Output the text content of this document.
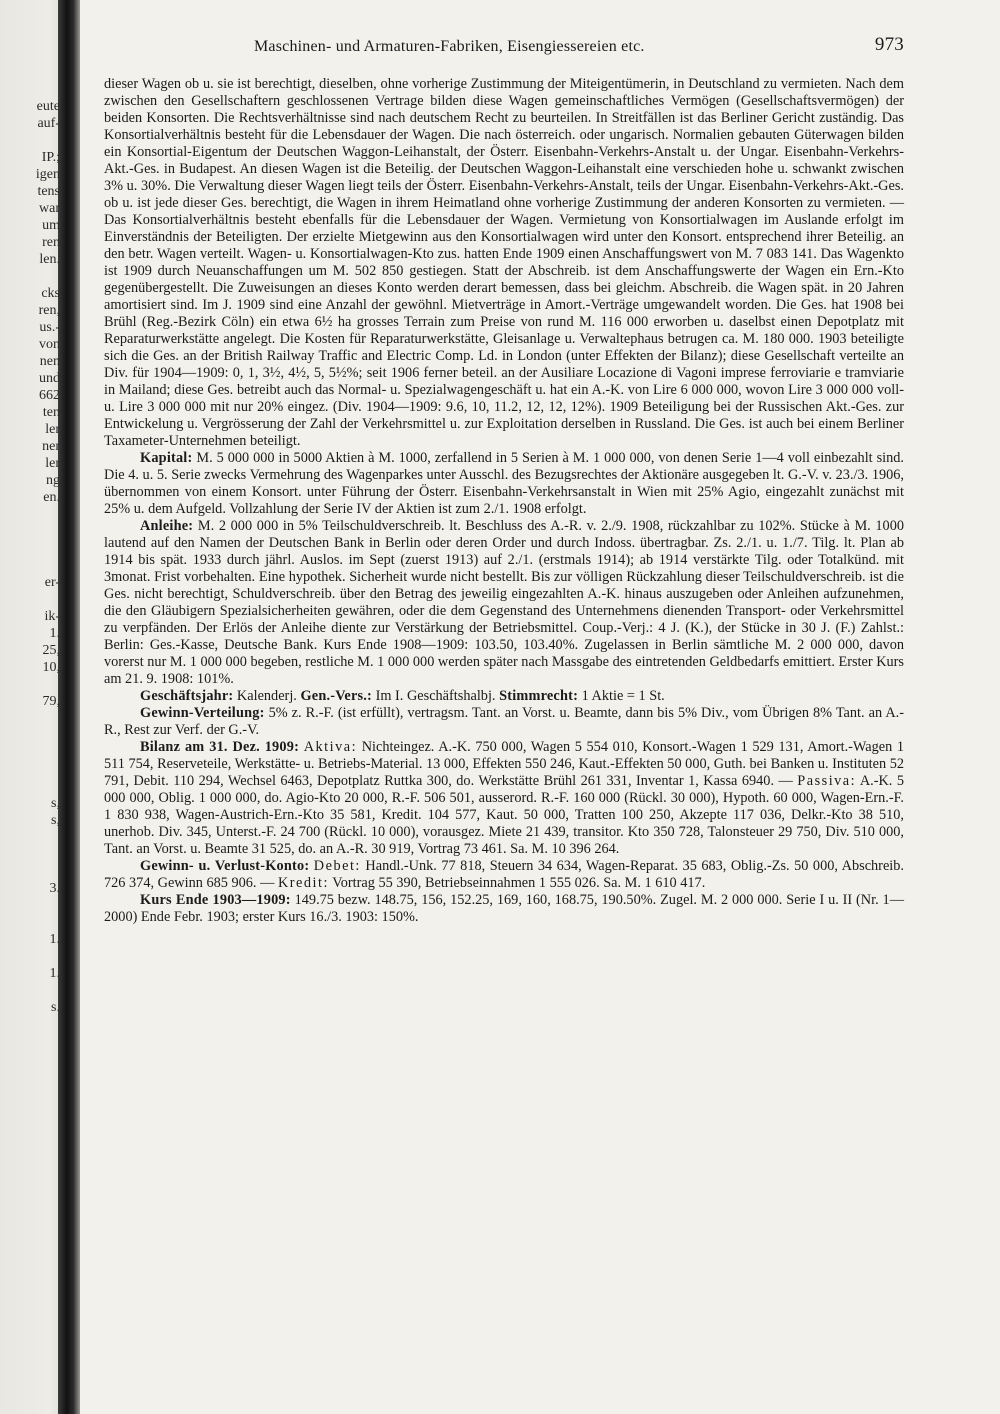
eute
auf-
IP.;
igen
tens
war
um
ren
len.
cks
ren,
us.-
von
nen
und
662
ten
ler
ner
ler
ng
en.
er-
ik-
1.
25,
10,
79,
s,
s,
3.
1.
1.
s.
Maschinen- und Armaturen-Fabriken, Eisengiessereien etc.	973

dieser Wagen ob u. sie ist berechtigt, dieselben, ohne vorherige Zustimmung der Miteigentümerin, in Deutschland zu vermieten. Nach dem zwischen den Gesellschaftern geschlossenen Vertrage bilden diese Wagen gemeinschaftliches Vermögen (Gesellschaftsvermögen) der beiden Konsorten. Die Rechtsverhältnisse sind nach deutschem Recht zu beurteilen. In Streitfällen ist das Berliner Gericht zuständig. Das Konsortialverhältnis besteht für die Lebensdauer der Wagen. Die nach österreich. oder ungarisch. Normalien gebauten Güterwagen bilden ein Konsortial-Eigentum der Deutschen Waggon-Leihanstalt, der Österr. Eisenbahn-Verkehrs-Anstalt u. der Ungar. Eisenbahn-Verkehrs-Akt.-Ges. in Budapest. An diesen Wagen ist die Beteilig. der Deutschen Waggon-Leihanstalt eine verschieden hohe u. schwankt zwischen 3% u. 30%. Die Verwaltung dieser Wagen liegt teils der Österr. Eisenbahn-Verkehrs-Anstalt, teils der Ungar. Eisenbahn-Verkehrs-Akt.-Ges. ob u. ist jede dieser Ges. berechtigt, die Wagen in ihrem Heimatland ohne vorherige Zustimmung der anderen Konsorten zu vermieten. — Das Konsortialverhältnis besteht ebenfalls für die Lebensdauer der Wagen. Vermietung von Konsortialwagen im Auslande erfolgt im Einverständnis der Beteiligten. Der erzielte Mietgewinn aus den Konsortialwagen wird unter den Konsort. entsprechend ihrer Beteilig. an den betr. Wagen verteilt. Wagen- u. Konsortialwagen-Kto zus. hatten Ende 1909 einen Anschaffungswert von M. 7 083 141. Das Wagenkto ist 1909 durch Neuanschaffungen um M. 502 850 gestiegen. Statt der Abschreib. ist dem Anschaffungswerte der Wagen ein Ern.-Kto gegenübergestellt. Die Zuweisungen an dieses Konto werden derart bemessen, dass bei gleichm. Abschreib. die Wagen spät. in 20 Jahren amortisiert sind. Im J. 1909 sind eine Anzahl der gewöhnl. Mietverträge in Amort.-Verträge umgewandelt worden. Die Ges. hat 1908 bei Brühl (Reg.-Bezirk Cöln) ein etwa 6½ ha grosses Terrain zum Preise von rund M. 116 000 erworben u. daselbst einen Depotplatz mit Reparaturwerkstätte angelegt. Die Kosten für Reparaturwerkstätte, Gleisanlage u. Verwaltерhaus betrugen ca. M. 180 000. 1903 beteiligte sich die Ges. an der British Railway Traffic and Electric Comp. Ld. in London (unter Effekten der Bilanz); diese Gesellschaft verteilte an Div. für 1904—1909: 0, 1, 3½, 4½, 5, 5½%; seit 1906 ferner beteil. an der Ausiliare Locazione di Vagoni imprese ferroviarie e tramviarie in Mailand; diese Ges. betreibt auch das Normal- u. Spezialwagengeschäft u. hat ein A.-K. von Lire 6 000 000, wovon Lire 3 000 000 voll- u. Lire 3 000 000 mit nur 20% eingez. (Div. 1904—1909: 9.6, 10, 11.2, 12, 12, 12%). 1909 Beteiligung bei der Russischen Akt.-Ges. zur Entwickelung u. Vergrösserung der Zahl der Verkehrsmittel u. zur Exploitation derselben in Russland. Die Ges. ist auch bei einem Berliner Taxameter-Unternehmen beteiligt.

Kapital: M. 5 000 000 in 5000 Aktien à M. 1000, zerfallend in 5 Serien à M. 1 000 000, von denen Serie 1—4 voll einbezahlt sind. Die 4. u. 5. Serie zwecks Vermehrung des Wagenparkes unter Ausschl. des Bezugsrechtes der Aktionäre ausgegeben lt. G.-V. v. 23./3. 1906, übernommen von einem Konsort. unter Führung der Österr. Eisenbahn-Verkehrsanstalt in Wien mit 25% Agio, eingezahlt zunächst mit 25% u. dem Aufgeld. Vollzahlung der Serie IV der Aktien ist zum 2./1. 1908 erfolgt.

Anleihe: M. 2 000 000 in 5% Teilschuldverschreib. lt. Beschluss des A.-R. v. 2./9. 1908, rückzahlbar zu 102%. Stücke à M. 1000 lautend auf den Namen der Deutschen Bank in Berlin oder deren Order und durch Indoss. übertragbar. Zs. 2./1. u. 1./7. Tilg. lt. Plan ab 1914 bis spät. 1933 durch jährl. Auslos. im Sept (zuerst 1913) auf 2./1. (erstmals 1914); ab 1914 verstärkte Tilg. oder Totalkünd. mit 3monat. Frist vorbehalten. Eine hypothek. Sicherheit wurde nicht bestellt. Bis zur völligen Rückzahlung dieser Teilschuldverschreib. ist die Ges. nicht berechtigt, Schuldverschreib. über den Betrag des jeweilig eingezahlten A.-K. hinaus auszugeben oder Anleihen aufzunehmen, die den Gläubigern Spezialsicherheiten gewähren, oder die dem Gegenstand des Unternehmens dienenden Transport- oder Verkehrsmittel zu verpfänden. Der Erlös der Anleihe diente zur Verstärkung der Betriebsmittel. Coup.-Verj.: 4 J. (K.), der Stücke in 30 J. (F.) Zahlst.: Berlin: Ges.-Kasse, Deutsche Bank. Kurs Ende 1908—1909: 103.50, 103.40%. Zugelassen in Berlin sämtliche M. 2 000 000, davon vorerst nur M. 1 000 000 begeben, restliche M. 1 000 000 werden später nach Massgabe des eintretenden Geldbedarfs emittiert. Erster Kurs am 21. 9. 1908: 101%.

Geschäftsjahr: Kalenderj. Gen.-Vers.: Im I. Geschäftshalbj. Stimmrecht: 1 Aktie = 1 St.

Gewinn-Verteilung: 5% z. R.-F. (ist erfüllt), vertragsm. Tant. an Vorst. u. Beamte, dann bis 5% Div., vom Übrigen 8% Tant. an A.-R., Rest zur Verf. der G.-V.

Bilanz am 31. Dez. 1909: Aktiva: Nichteingez. A.-K. 750 000, Wagen 5 554 010, Konsort.-Wagen 1 529 131, Amort.-Wagen 1 511 754, Reserveteile, Werkstätte- u. Betriebs-Material. 13 000, Effekten 550 246, Kaut.-Effekten 50 000, Guth. bei Banken u. Instituten 52 791, Debit. 110 294, Wechsel 6463, Depotplatz Ruttka 300, do. Werkstätte Brühl 261 331, Inventar 1, Kassa 6940. — Passiva: A.-K. 5 000 000, Oblig. 1 000 000, do. Agio-Kto 20 000, R.-F. 506 501, ausserord. R.-F. 160 000 (Rückl. 30 000), Hypoth. 60 000, Wagen-Ern.-F. 1 830 938, Wagen-Austrich-Ern.-Kto 35 581, Kredit. 104 577, Kaut. 50 000, Tratten 100 250, Akzepte 117 036, Delkr.-Kto 38 510, unerhob. Div. 345, Unterst.-F. 24 700 (Rückl. 10 000), vorausgez. Miete 21 439, transitor. Kto 350 728, Talonsteuer 29 750, Div. 510 000, Tant. an Vorst. u. Beamte 31 525, do. an A.-R. 30 919, Vortrag 73 461. Sa. M. 10 396 264.

Gewinn- u. Verlust-Konto: Debet: Handl.-Unk. 77 818, Steuern 34 634, Wagen-Reparat. 35 683, Oblig.-Zs. 50 000, Abschreib. 726 374, Gewinn 685 906. — Kredit: Vortrag 55 390, Betriebseinnahmen 1 555 026. Sa. M. 1 610 417.

Kurs Ende 1903—1909: 149.75 bezw. 148.75, 156, 152.25, 169, 160, 168.75, 190.50%. Zugel. M. 2 000 000. Serie I u. II (Nr. 1—2000) Ende Febr. 1903; erster Kurs 16./3. 1903: 150%.
